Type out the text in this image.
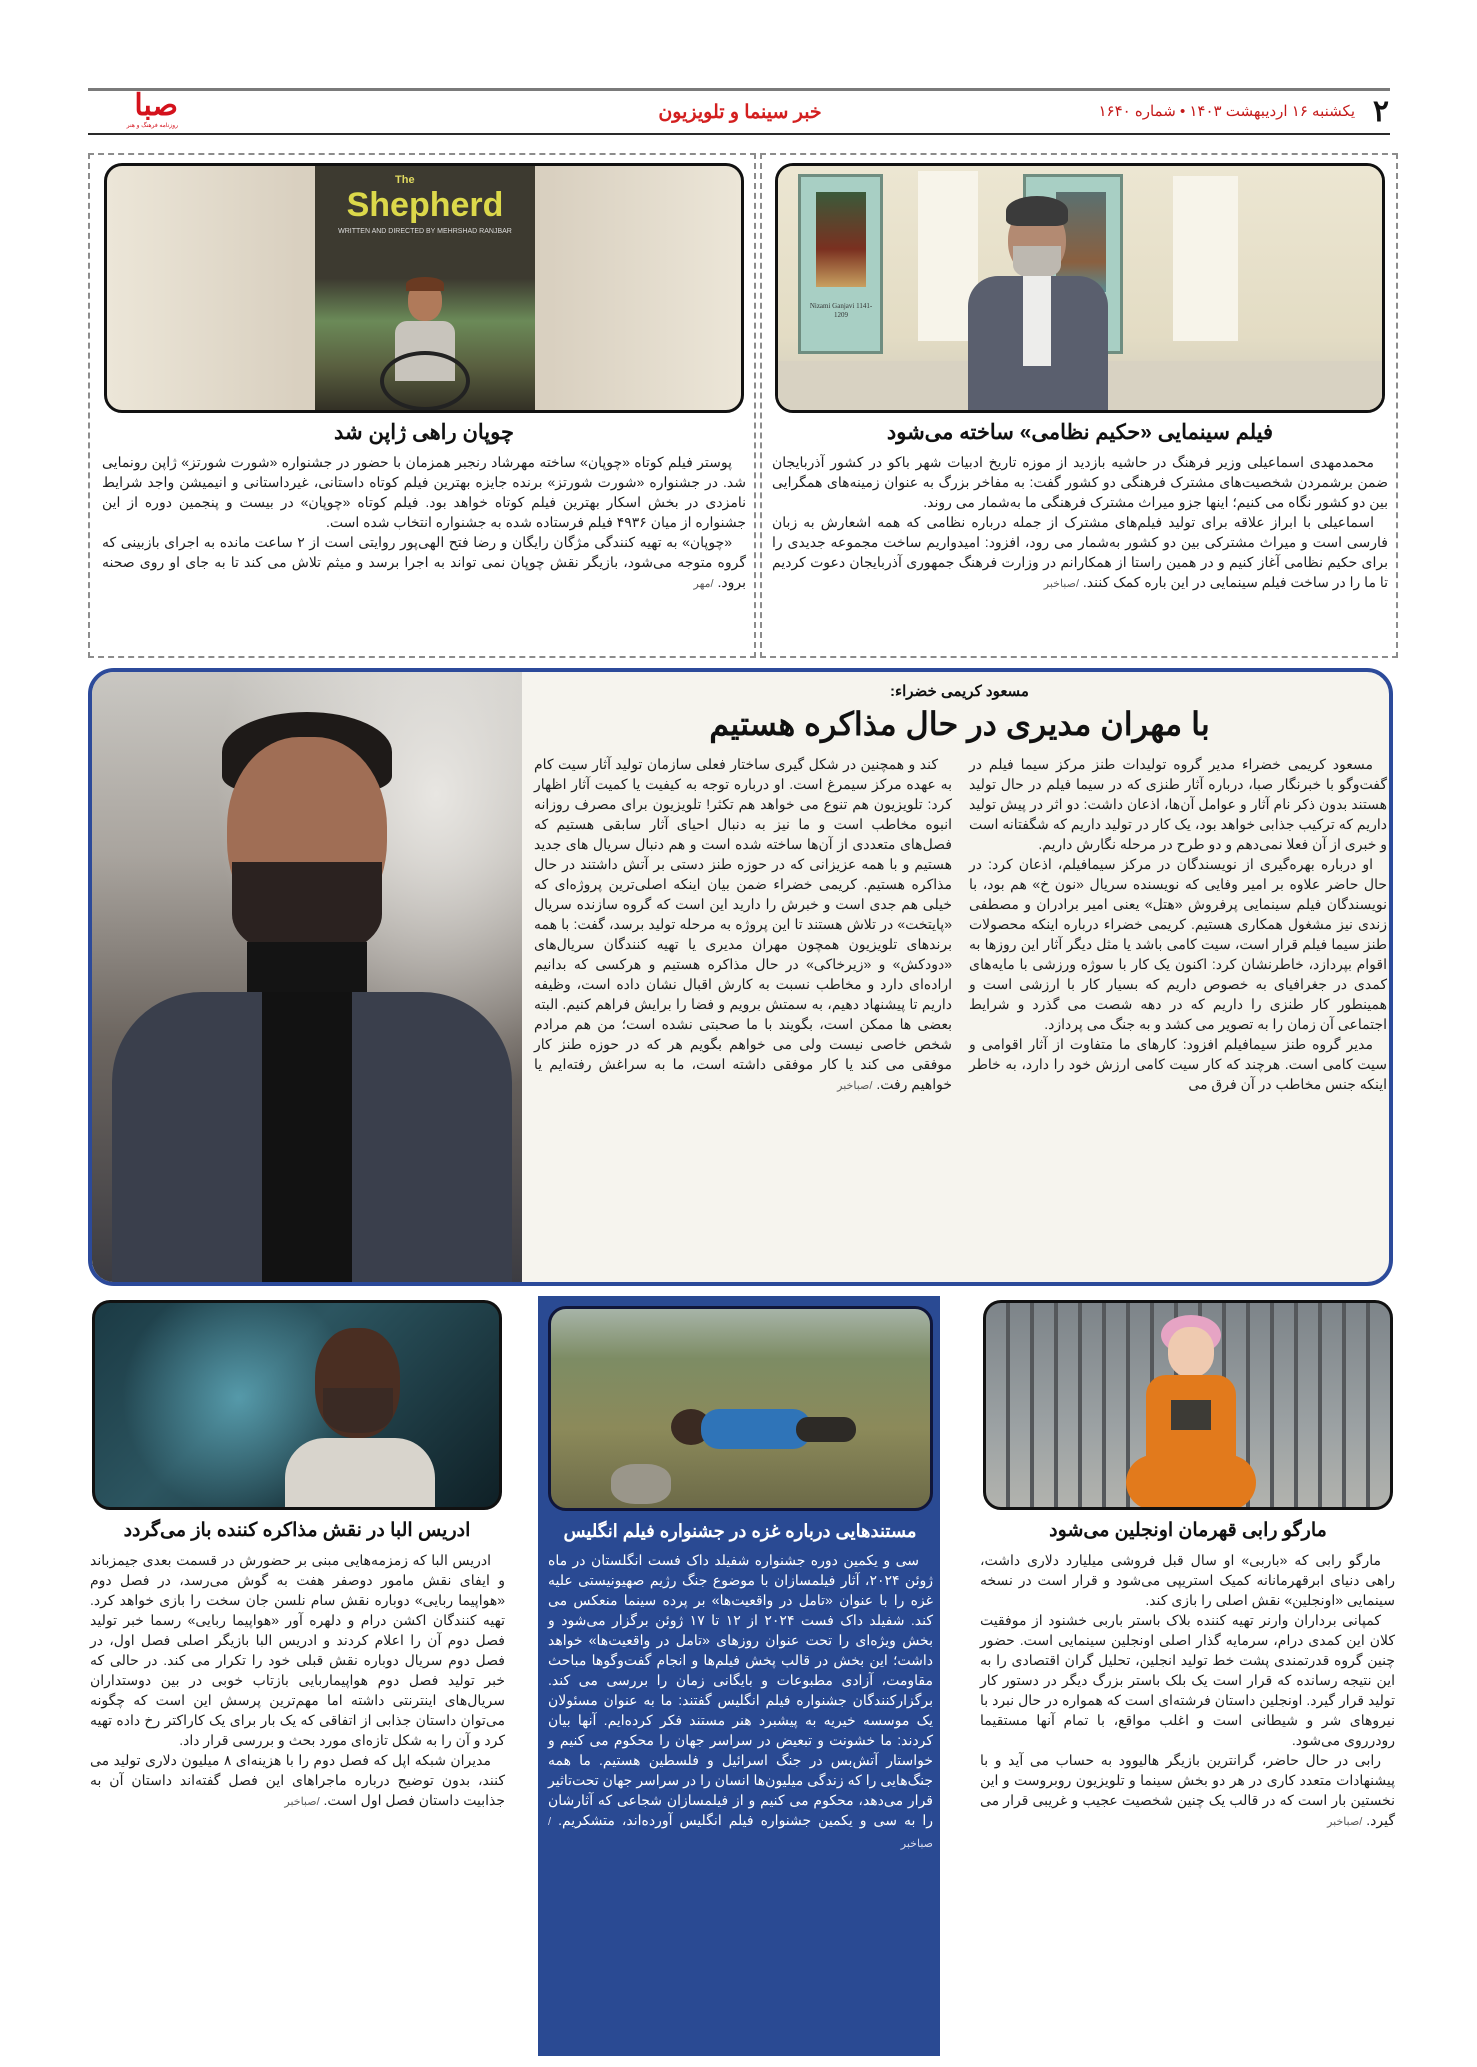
۲
یکشنبه ۱۶ اردیبهشت ۱۴۰۳ • شماره ۱۶۴۰
خبر سینما و تلویزیون
صبا
روزنامه فرهنگ و هنر
Nizami Ganjavi 1141-1209
فیلم سینمایی «حکیم نظامی» ساخته می‌شود

محمدمهدی اسماعیلی وزیر فرهنگ در حاشیه بازدید از موزه تاریخ ادبیات شهر باکو در کشور آذربایجان ضمن برشمردن شخصیت‌های مشترک فرهنگی دو کشور گفت: به مفاخر بزرگ به عنوان زمینه‌های همگرایی بین دو کشور نگاه می کنیم؛ اینها جزو میراث مشترک فرهنگی ما به‌شمار می روند.

اسماعیلی با ابراز علاقه برای تولید فیلم‌های مشترک از جمله درباره نظامی که همه اشعارش به زبان فارسی است و میراث مشترکی بین دو کشور به‌شمار می رود، افزود: امیدواریم ساخت مجموعه جدیدی را برای حکیم نظامی آغاز کنیم و در همین راستا از همکارانم در وزارت فرهنگ جمهوری آذربایجان دعوت کردیم تا ما را در ساخت فیلم سینمایی در این باره کمک کنند. /صباخبر

The
Shepherd
WRITTEN AND DIRECTED BY MEHRSHAD RANJBAR
چوپان راهی ژاپن شد

پوستر فیلم کوتاه «چوپان» ساخته مهرشاد رنجبر همزمان با حضور در جشنواره «شورت شورتز» ژاپن رونمایی شد. در جشنواره «شورت شورتز» برنده جایزه بهترین فیلم کوتاه داستانی، غیرداستانی و انیمیشن واجد شرایط نامزدی در بخش اسکار بهترین فیلم کوتاه خواهد بود. فیلم کوتاه «چوپان» در بیست و پنجمین دوره از این جشنواره از میان ۴۹۳۶ فیلم فرستاده شده به جشنواره انتخاب شده است.

«چوپان» به تهیه کنندگی مژگان رایگان و رضا فتح الهی‌پور روایتی است از ۲ ساعت مانده به اجرای بازبینی که گروه متوجه می‌شود، بازیگر نقش چوپان نمی تواند به اجرا برسد و میثم تلاش می کند تا به جای او روی صحنه برود. /مهر

مسعود کریمی خضراء:
با مهران مدیری در حال مذاکره هستیم

مسعود کریمی خضراء مدیر گروه تولیدات طنز مرکز سیما فیلم در گفت‌وگو با خبرنگار صبا، درباره آثار طنزی که در سیما فیلم در حال تولید هستند بدون ذکر نام آثار و عوامل آن‌ها، اذعان داشت: دو اثر در پیش تولید داریم که ترکیب جذابی خواهد بود، یک کار در تولید داریم که شگفتانه است و خبری از آن فعلا نمی‌دهم و دو طرح در مرحله نگارش داریم.

او درباره بهره‌گیری از نویسندگان در مرکز سیمافیلم، اذعان کرد: در حال حاضر علاوه بر امیر وفایی که نویسنده سریال «نون خ» هم بود، با نویسندگان فیلم سینمایی پرفروش «هتل» یعنی امیر برادران و مصطفی زندی نیز مشغول همکاری هستیم. کریمی خضراء درباره اینکه محصولات طنز سیما فیلم قرار است، سیت کامی باشد یا مثل دیگر آثار این روزها به اقوام بپردازد، خاطرنشان کرد: اکنون یک کار با سوژه ورزشی با مایه‌های کمدی در جغرافیای به خصوص داریم که بسیار کار با ارزشی است و همینطور کار طنزی را داریم که در دهه شصت می گذرد و شرایط اجتماعی آن زمان را به تصویر می کشد و به جنگ می پردازد.

مدیر گروه طنز سیمافیلم افزود: کارهای ما متفاوت از آثار اقوامی و سیت کامی است. هرچند که کار سیت کامی ارزش خود را دارد، به خاطر اینکه جنس مخاطب در آن فرق می

کند و همچنین در شکل گیری ساختار فعلی سازمان تولید آثار سیت کام به عهده مرکز سیمرغ است. او درباره توجه به کیفیت یا کمیت آثار اظهار کرد: تلویزیون هم تنوع می خواهد هم تکثر! تلویزیون برای مصرف روزانه انبوه مخاطب است و ما نیز به دنبال احیای آثار سابقی هستیم که فصل‌های متعددی از آن‌ها ساخته شده است و هم دنبال سریال های جدید هستیم و با همه عزیزانی که در حوزه طنز دستی بر آتش داشتند در حال مذاکره هستیم. کریمی خضراء ضمن بیان اینکه اصلی‌ترین پروژه‌ای که خیلی هم جدی است و خبرش را دارید این است که گروه سازنده سریال «پایتخت» در تلاش هستند تا این پروژه به مرحله تولید برسد، گفت: با همه برندهای تلویزیون همچون مهران مدیری یا تهیه کنندگان سریال‌های «دودکش» و «زیرخاکی» در حال مذاکره هستیم و هرکسی که بدانیم اراده‌ای دارد و مخاطب نسبت به کارش اقبال نشان داده است، وظیفه داریم تا پیشنهاد دهیم، به سمتش برویم و فضا را برایش فراهم کنیم. البته بعضی ها ممکن است، بگویند با ما صحبتی نشده است؛ من هم مرادم شخص خاصی نیست ولی می خواهم بگویم هر که در حوزه طنز کار موفقی می کند یا کار موفقی داشته است، ما به سراغش رفته‌ایم یا خواهیم رفت. /صباخبر

مارگو رابی قهرمان اونجلین می‌شود

مارگو رابی که «باربی» او سال قبل فروشی میلیارد دلاری داشت، راهی دنیای ابرقهرمانانه کمیک استریپی می‌شود و قرار است در نسخه سینمایی «اونجلین» نقش اصلی را بازی کند.

کمپانی برداران وارنر تهیه کننده بلاک باستر باربی خشنود از موفقیت کلان این کمدی درام، سرمایه گذار اصلی اونجلین سینمایی است. حضور چنین گروه قدرتمندی پشت خط تولید انجلین، تحلیل گران اقتصادی را به این نتیجه رسانده که قرار است یک بلک باستر بزرگ دیگر در دستور کار تولید قرار گیرد. اونجلین داستان فرشته‌ای است که همواره در حال نبرد با نیروهای شر و شیطانی است و اغلب مواقع، با تمام آنها مستقیما رودرروی می‌شود.

رابی در حال حاضر، گرانترین بازیگر هالیوود به حساب می آید و با پیشنهادات متعدد کاری در هر دو بخش سینما و تلویزیون روبروست و این نخستین بار است که در قالب یک چنین شخصیت عجیب و غریبی قرار می گیرد. /صباخبر

مستندهایی درباره غزه در جشنواره فیلم انگلیس

سی و یکمین دوره جشنواره شفیلد داک فست انگلستان در ماه ژوئن ۲۰۲۴، آثار فیلمسازان با موضوع جنگ رژیم صهیونیستی علیه غزه را با عنوان «تامل در واقعیت‌ها» بر پرده سینما منعکس می کند. شفیلد داک فست ۲۰۲۴ از ۱۲ تا ۱۷ ژوئن برگزار می‌شود و بخش ویژه‌ای را تحت عنوان روزهای «تامل در واقعیت‌ها» خواهد داشت؛ این بخش در قالب پخش فیلم‌ها و انجام گفت‌وگوها مباحث مقاومت، آزادی مطبوعات و بایگانی زمان را بررسی می کند. برگزارکنندگان جشنواره فیلم انگلیس گفتند: ما به عنوان مسئولان یک موسسه خیریه به پیشبرد هنر مستند فکر کرده‌ایم. آنها بیان کردند: ما خشونت و تبعیض در سراسر جهان را محکوم می کنیم و خواستار آتش‌بس در جنگ اسرائیل و فلسطین هستیم. ما همه جنگ‌هایی را که زندگی میلیون‌ها انسان را در سراسر جهان تحت‌تاثیر قرار می‌دهد، محکوم می کنیم و از فیلمسازان شجاعی که آثارشان را به سی و یکمین جشنواره فیلم انگلیس آورده‌اند، متشکریم. /صباخبر

ادریس البا در نقش مذاکره کننده باز می‌گردد

ادریس البا که زمزمه‌هایی مبنی بر حضورش در قسمت بعدی جیمزباند و ایفای نقش مامور دوصفر هفت به گوش می‌رسد، در فصل دوم «هواپیما ربایی» دوباره نقش سام نلسن جان سخت را بازی خواهد کرد. تهیه کنندگان اکشن درام و دلهره آور «هواپیما ربایی» رسما خبر تولید فصل دوم آن را اعلام کردند و ادریس البا بازیگر اصلی فصل اول، در فصل دوم سریال دوباره نقش قبلی خود را تکرار می کند. در حالی که خبر تولید فصل دوم هواپیماربایی بازتاب خوبی در بین دوستداران سریال‌های اینترنتی داشته اما مهم‌ترین پرسش این است که چگونه می‌توان داستان جذابی از اتفاقی که یک بار برای یک کاراکتر رخ داده تهیه کرد و آن را به شکل تازه‌ای مورد بحث و بررسی قرار داد.

مدیران شبکه اپل که فصل دوم را با هزینه‌ای ۸ میلیون دلاری تولید می کنند، بدون توضیح درباره ماجراهای این فصل گفته‌اند داستان آن به جذابیت داستان فصل اول است. /صباخبر
